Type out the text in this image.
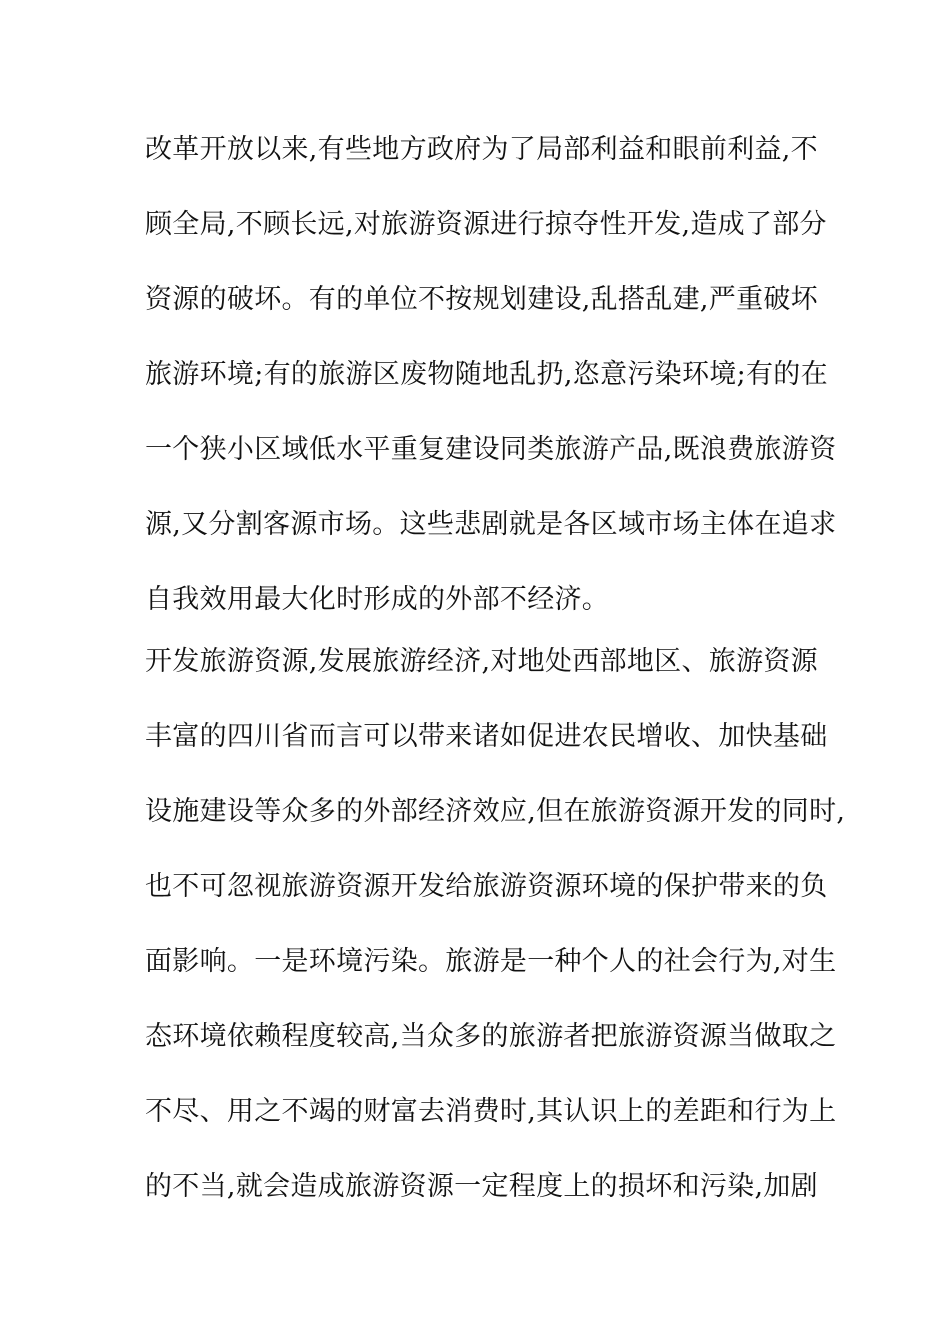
改革开放以来,有些地方政府为了局部利益和眼前利益,不
顾全局,不顾长远,对旅游资源进行掠夺性开发,造成了部分
资源的破坏。有的单位不按规划建设,乱搭乱建,严重破坏
旅游环境;有的旅游区废物随地乱扔,恣意污染环境;有的在
一个狭小区域低水平重复建设同类旅游产品,既浪费旅游资
源,又分割客源市场。这些悲剧就是各区域市场主体在追求
自我效用最大化时形成的外部不经济。
开发旅游资源,发展旅游经济,对地处西部地区、旅游资源
丰富的四川省而言可以带来诸如促进农民增收、加快基础
设施建设等众多的外部经济效应,但在旅游资源开发的同时,
也不可忽视旅游资源开发给旅游资源环境的保护带来的负
面影响。一是环境污染。旅游是一种个人的社会行为,对生
态环境依赖程度较高,当众多的旅游者把旅游资源当做取之
不尽、用之不竭的财富去消费时,其认识上的差距和行为上
的不当,就会造成旅游资源一定程度上的损坏和污染,加剧
